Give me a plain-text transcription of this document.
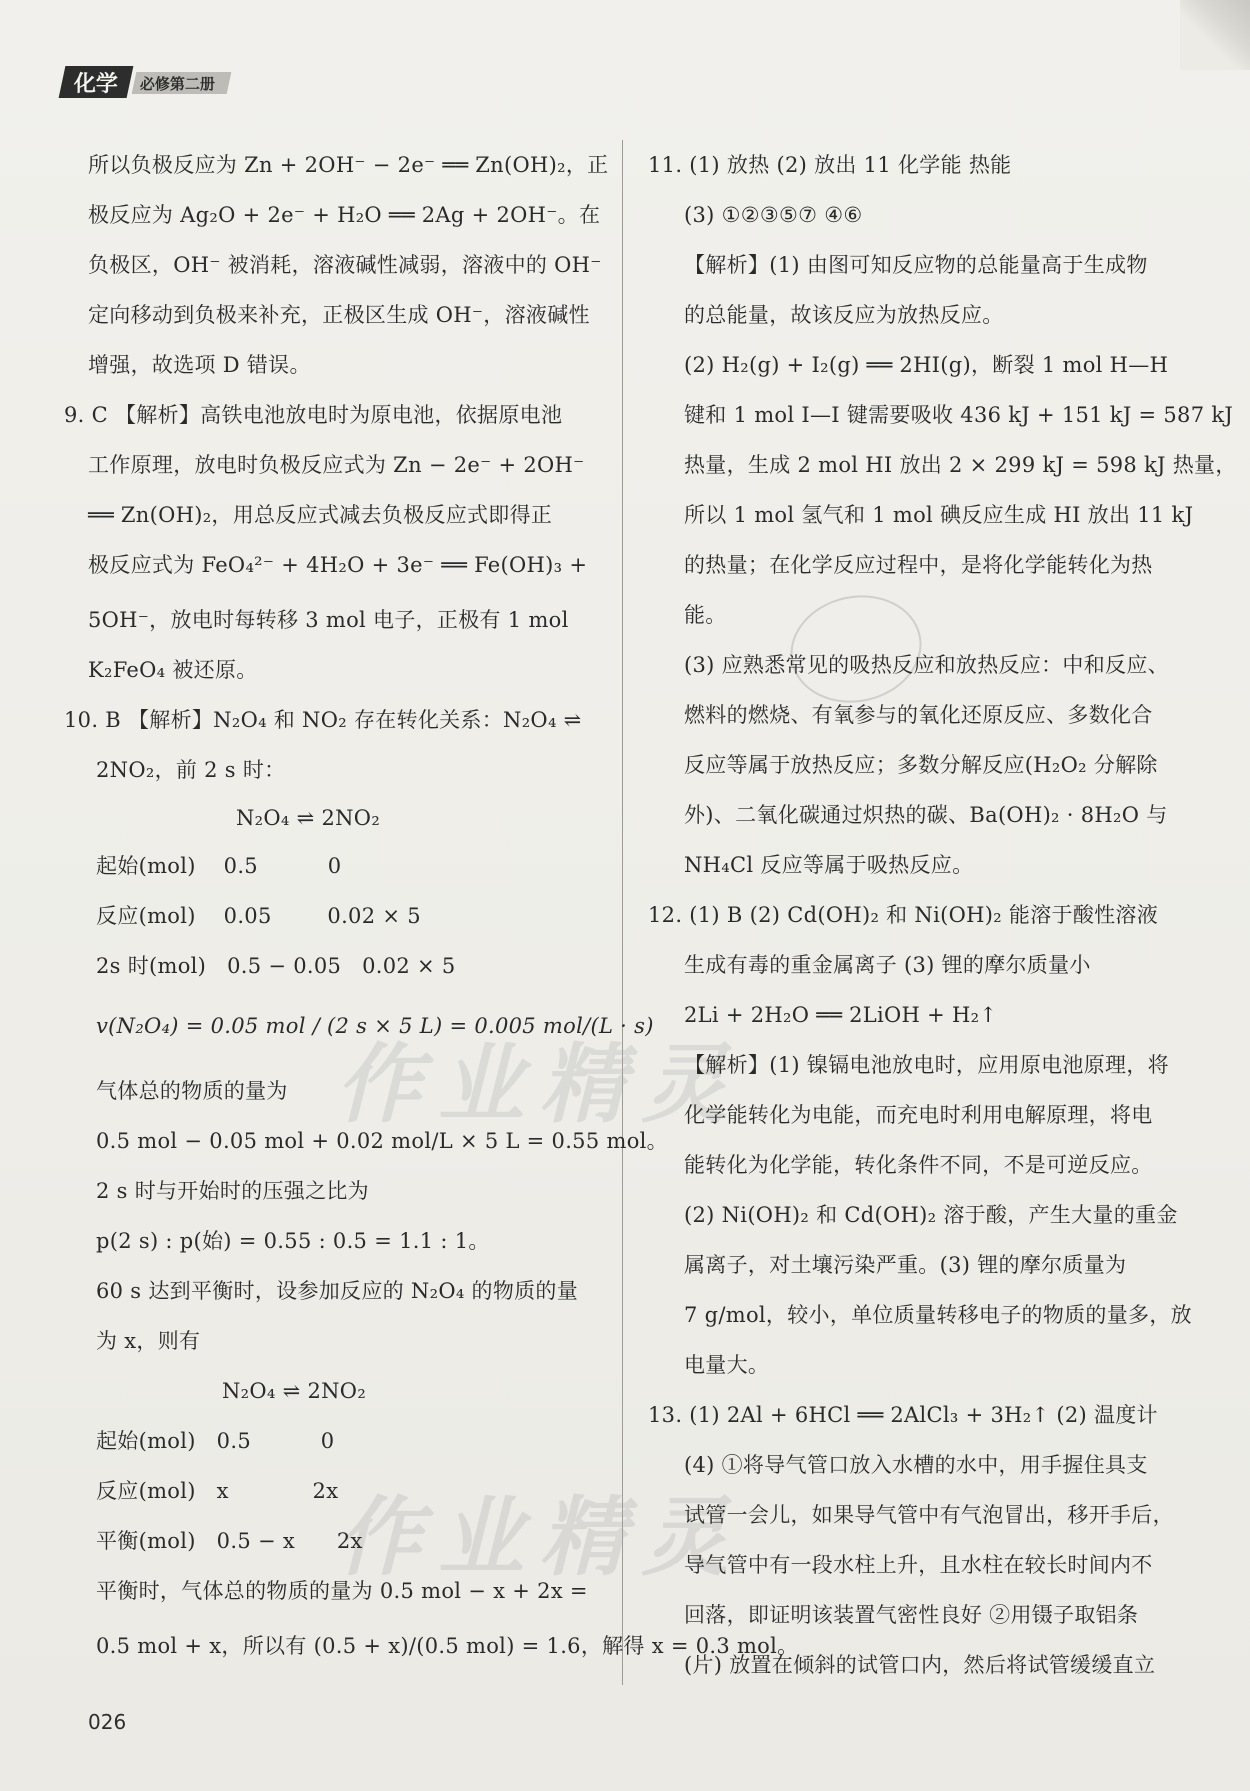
化学 必修第二册
作业精灵
作业精灵
所以负极反应为 Zn + 2OH⁻ − 2e⁻ ══ Zn(OH)₂，正
极反应为 Ag₂O + 2e⁻ + H₂O ══ 2Ag + 2OH⁻。在
负极区，OH⁻ 被消耗，溶液碱性减弱，溶液中的 OH⁻
定向移动到负极来补充，正极区生成 OH⁻，溶液碱性
增强，故选项 D 错误。
9. C 【解析】高铁电池放电时为原电池，依据原电池
工作原理，放电时负极反应式为 Zn − 2e⁻ + 2OH⁻
══ Zn(OH)₂，用总反应式减去负极反应式即得正
极反应式为 FeO₄²⁻ + 4H₂O + 3e⁻ ══ Fe(OH)₃ +
5OH⁻，放电时每转移 3 mol 电子，正极有 1 mol
K₂FeO₄ 被还原。
10. B 【解析】N₂O₄ 和 NO₂ 存在转化关系：N₂O₄ ⇌
2NO₂，前 2 s 时：
N₂O₄ ⇌ 2NO₂
起始(mol)    0.5          0
反应(mol)    0.05        0.02 × 5
2s 时(mol)   0.5 − 0.05   0.02 × 5
v(N₂O₄) = 0.05 mol / (2 s × 5 L) = 0.005 mol/(L · s)
气体总的物质的量为
0.5 mol − 0.05 mol + 0.02 mol/L × 5 L = 0.55 mol。
2 s 时与开始时的压强之比为
p(2 s) : p(始) = 0.55 : 0.5 = 1.1 : 1。
60 s 达到平衡时，设参加反应的 N₂O₄ 的物质的量
为 x，则有
N₂O₄ ⇌ 2NO₂
起始(mol)   0.5          0
反应(mol)   x            2x
平衡(mol)   0.5 − x      2x
平衡时，气体总的物质的量为 0.5 mol − x + 2x =
0.5 mol + x，所以有 (0.5 + x)/(0.5 mol) = 1.6，解得 x = 0.3 mol。
11. (1) 放热 (2) 放出 11 化学能 热能
(3) ①②③⑤⑦ ④⑥
【解析】(1) 由图可知反应物的总能量高于生成物
的总能量，故该反应为放热反应。
(2) H₂(g) + I₂(g) ══ 2HI(g)，断裂 1 mol H—H
键和 1 mol I—I 键需要吸收 436 kJ + 151 kJ = 587 kJ
热量，生成 2 mol HI 放出 2 × 299 kJ = 598 kJ 热量，
所以 1 mol 氢气和 1 mol 碘反应生成 HI 放出 11 kJ
的热量；在化学反应过程中，是将化学能转化为热
能。
(3) 应熟悉常见的吸热反应和放热反应：中和反应、
燃料的燃烧、有氧参与的氧化还原反应、多数化合
反应等属于放热反应；多数分解反应(H₂O₂ 分解除
外)、二氧化碳通过炽热的碳、Ba(OH)₂ · 8H₂O 与
NH₄Cl 反应等属于吸热反应。
12. (1) B (2) Cd(OH)₂ 和 Ni(OH)₂ 能溶于酸性溶液
生成有毒的重金属离子 (3) 锂的摩尔质量小
2Li + 2H₂O ══ 2LiOH + H₂↑
【解析】(1) 镍镉电池放电时，应用原电池原理，将
化学能转化为电能，而充电时利用电解原理，将电
能转化为化学能，转化条件不同，不是可逆反应。
(2) Ni(OH)₂ 和 Cd(OH)₂ 溶于酸，产生大量的重金
属离子，对土壤污染严重。(3) 锂的摩尔质量为
7 g/mol，较小，单位质量转移电子的物质的量多，放
电量大。
13. (1) 2Al + 6HCl ══ 2AlCl₃ + 3H₂↑ (2) 温度计
(4) ①将导气管口放入水槽的水中，用手握住具支
试管一会儿，如果导气管中有气泡冒出，移开手后，
导气管中有一段水柱上升，且水柱在较长时间内不
回落，即证明该装置气密性良好 ②用镊子取铝条
(片) 放置在倾斜的试管口内，然后将试管缓缓直立
026
